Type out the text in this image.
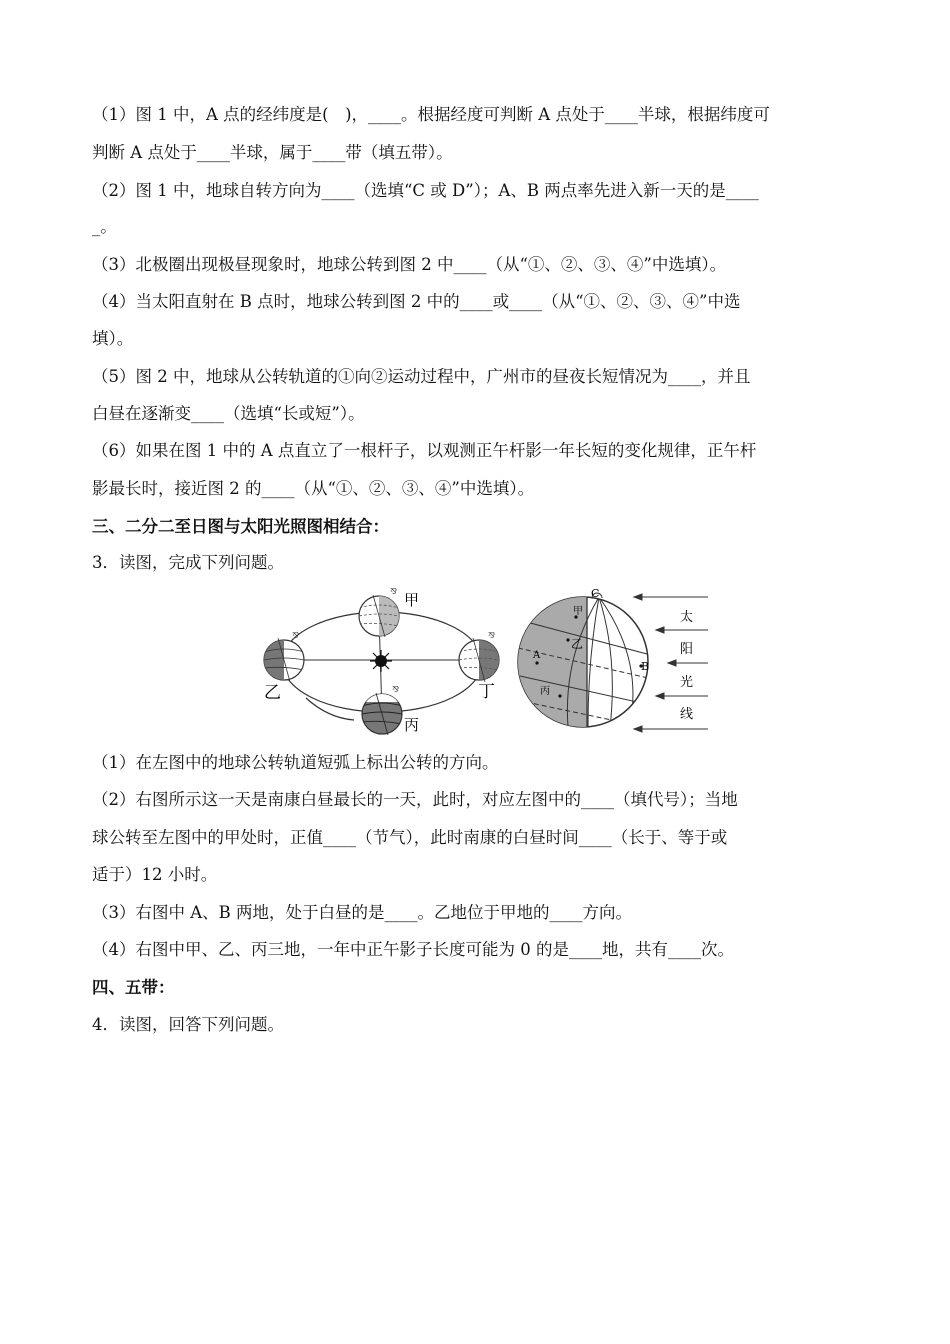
（1）图 1 中，A 点的经纬度是(　)，____。根据经度可判断 A 点处于____半球，根据纬度可
判断 A 点处于____半球，属于____带（填五带）。
（2）图 1 中，地球自转方向为____（选填“C 或 D”）；A、B 两点率先进入新一天的是____
_。
（3）北极圈出现极昼现象时，地球公转到图 2 中____（从“①、②、③、④”中选填）。
（4）当太阳直射在 B 点时，地球公转到图 2 中的____或____（从“①、②、③、④”中选
填）。
（5）图 2 中，地球从公转轨道的①向②运动过程中，广州市的昼夜长短情况为____，并且
白昼在逐渐变____（选填“长或短”）。
（6）如果在图 1 中的 A 点直立了一根杆子，以观测正午杆影一年长短的变化规律，正午杆
影最长时，接近图 2 的____（从“①、②、③、④”中选填）。
三、二分二至日图与太阳光照图相结合：
3．读图，完成下列问题。
⅋
⅋
⅋
⅋
甲
乙
丙
丁
C
甲
乙
丙
A
B
太
阳
光
线
（1）在左图中的地球公转轨道短弧上标出公转的方向。
（2）右图所示这一天是南康白昼最长的一天，此时，对应左图中的____（填代号）；当地
球公转至左图中的甲处时，正值____（节气），此时南康的白昼时间____（长于、等于或
适于）12 小时。
（3）右图中 A、B 两地，处于白昼的是____。乙地位于甲地的____方向。
（4）右图中甲、乙、丙三地，一年中正午影子长度可能为 0 的是____地，共有____次。
四、五带：
4．读图，回答下列问题。
